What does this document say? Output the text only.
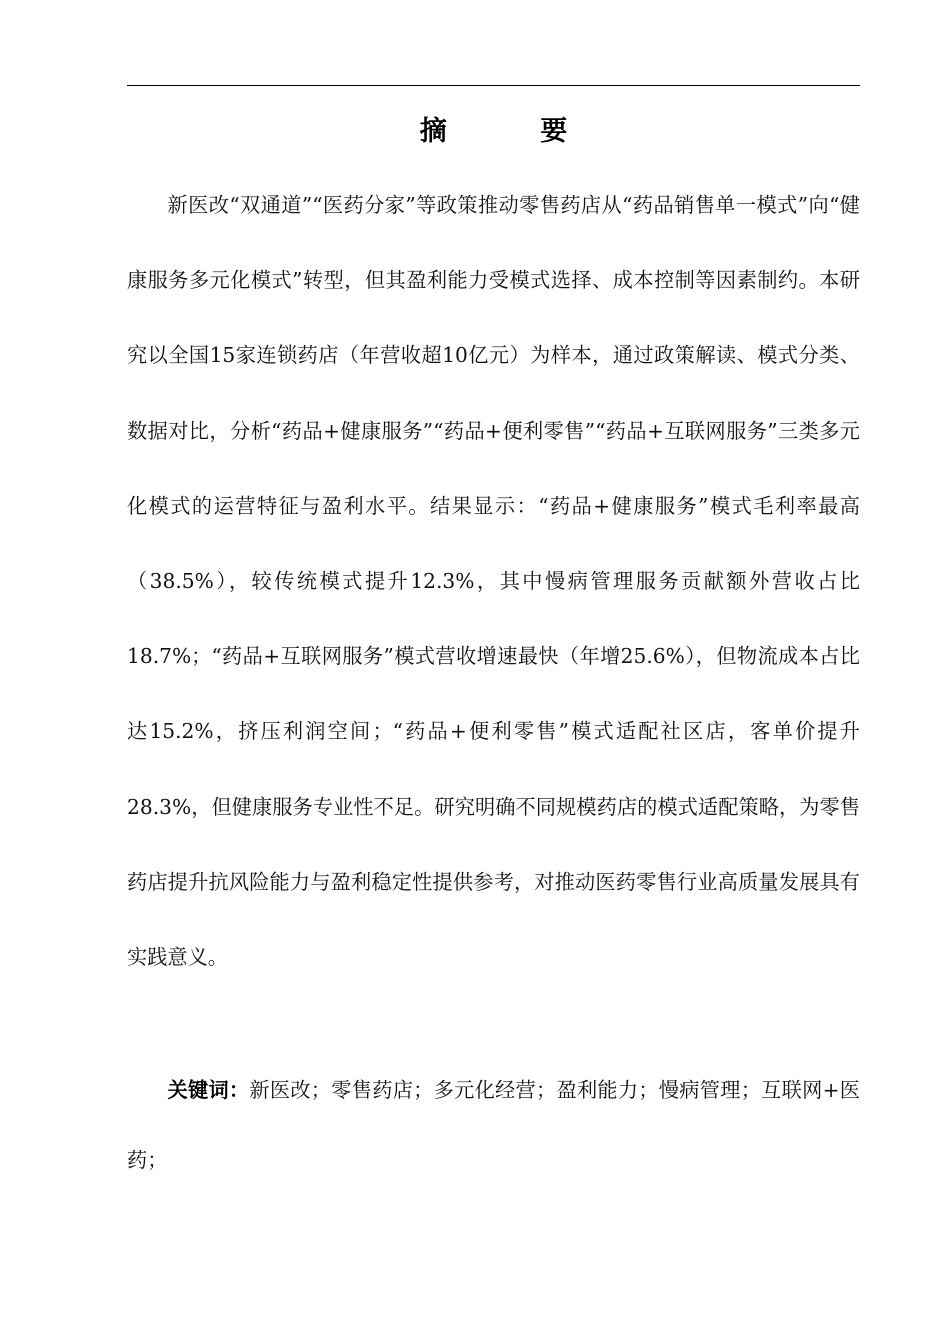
摘 要

新医改“双通道”“医药分家”等政策推动零售药店从“药品销售单一模式”向“健康服务多元化模式”转型，但其盈利能力受模式选择、成本控制等因素制约。本研究以全国15家连锁药店（年营收超10亿元）为样本，通过政策解读、模式分类、数据对比，分析“药品+健康服务”“药品+便利零售”“药品+互联网服务”三类多元化模式的运营特征与盈利水平。结果显示：“药品+健康服务”模式毛利率最高（38.5%），较传统模式提升12.3%，其中慢病管理服务贡献额外营收占比18.7%；“药品+互联网服务”模式营收增速最快（年增25.6%），但物流成本占比达15.2%，挤压利润空间；“药品+便利零售”模式适配社区店，客单价提升28.3%，但健康服务专业性不足。研究明确不同规模药店的模式适配策略，为零售药店提升抗风险能力与盈利稳定性提供参考，对推动医药零售行业高质量发展具有实践意义。

关键词：新医改；零售药店；多元化经营；盈利能力；慢病管理；互联网+医药；
